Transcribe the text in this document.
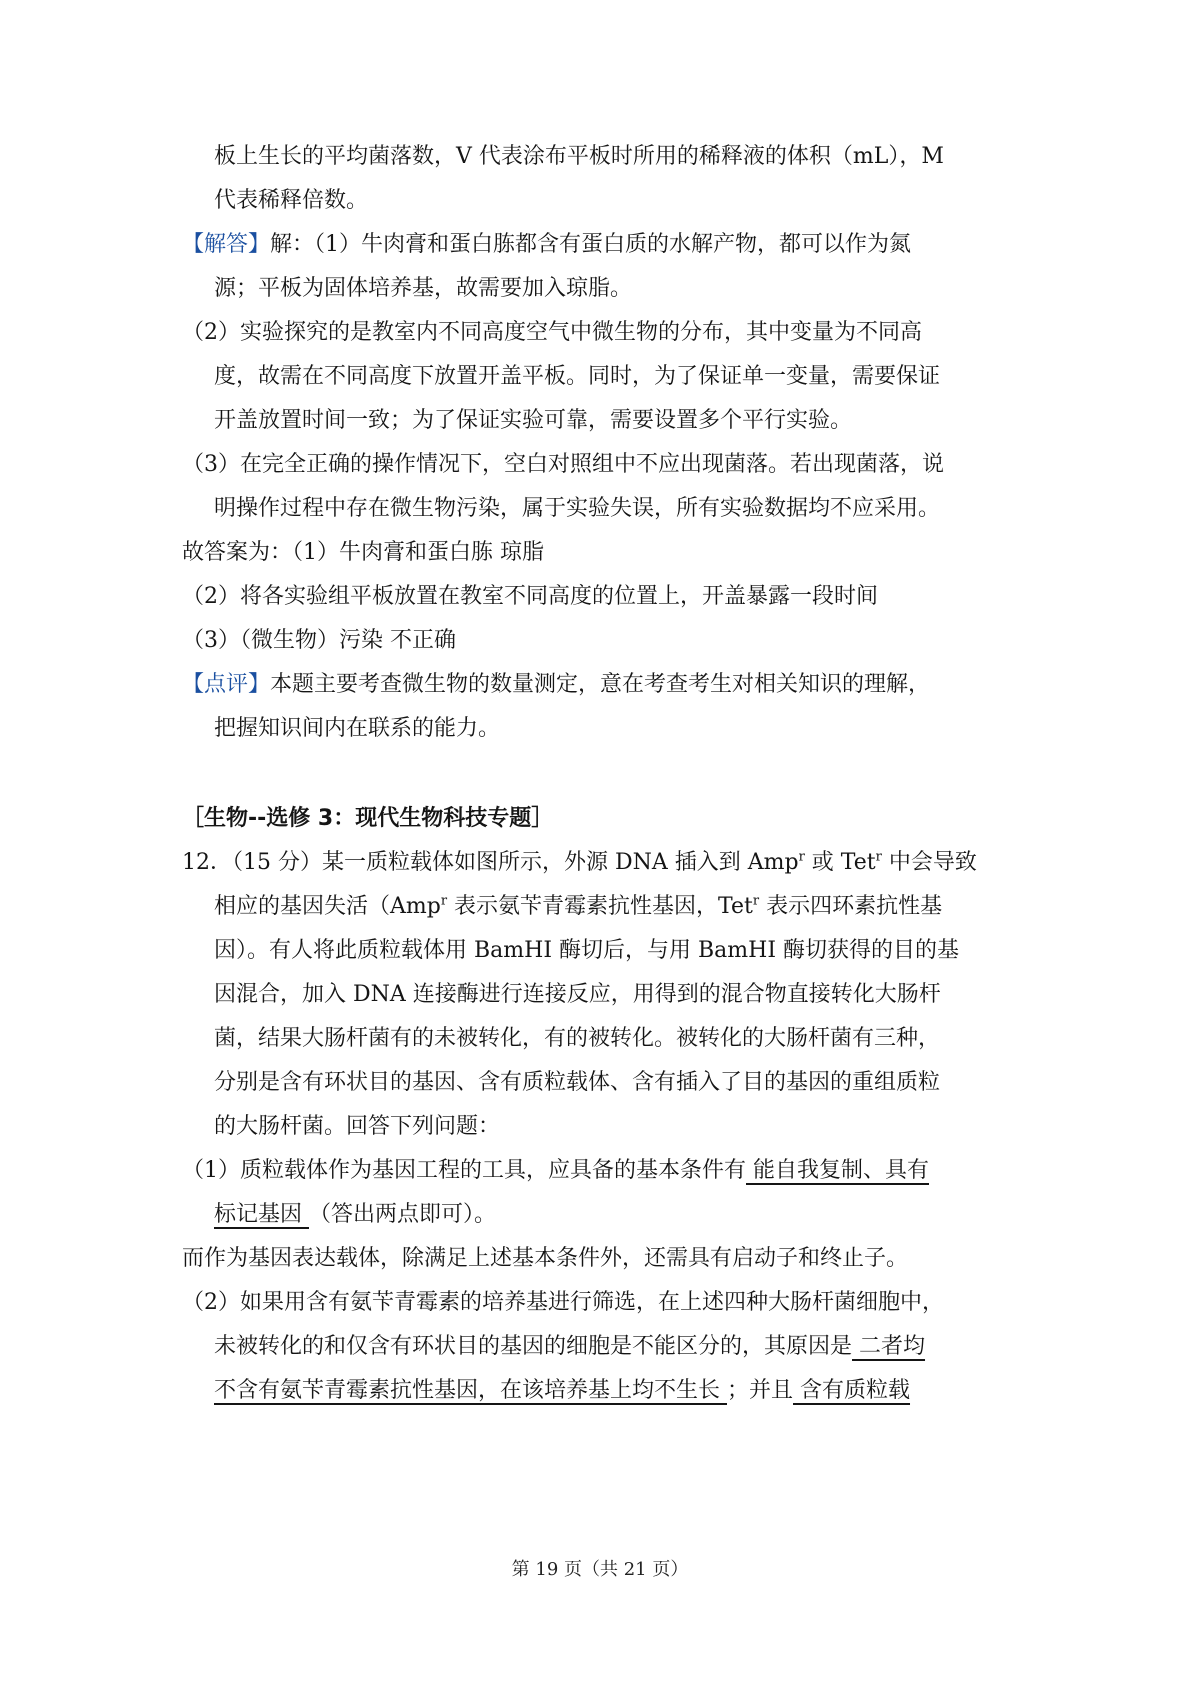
板上生长的平均菌落数，V 代表涂布平板时所用的稀释液的体积（mL），M
代表稀释倍数。
【解答】解：（1）牛肉膏和蛋白胨都含有蛋白质的水解产物，都可以作为氮
源；平板为固体培养基，故需要加入琼脂。
（2）实验探究的是教室内不同高度空气中微生物的分布，其中变量为不同高
度，故需在不同高度下放置开盖平板。同时，为了保证单一变量，需要保证
开盖放置时间一致；为了保证实验可靠，需要设置多个平行实验。
（3）在完全正确的操作情况下，空白对照组中不应出现菌落。若出现菌落，说
明操作过程中存在微生物污染，属于实验失误，所有实验数据均不应采用。
故答案为：（1）牛肉膏和蛋白胨 琼脂
（2）将各实验组平板放置在教室不同高度的位置上，开盖暴露一段时间
（3）（微生物）污染 不正确
【点评】本题主要考查微生物的数量测定，意在考查考生对相关知识的理解，
把握知识间内在联系的能力。
［生物--选修 3：现代生物科技专题］
12．（15 分）某一质粒载体如图所示，外源 DNA 插入到 Amp$^r$ 或 Tet$^r$ 中会导致
相应的基因失活（Amp$^r$ 表示氨苄青霉素抗性基因，Tet$^r$ 表示四环素抗性基
因）。有人将此质粒载体用 BamHI 酶切后，与用 BamHI 酶切获得的目的基
因混合，加入 DNA 连接酶进行连接反应，用得到的混合物直接转化大肠杆
菌，结果大肠杆菌有的未被转化，有的被转化。被转化的大肠杆菌有三种，
分别是含有环状目的基因、含有质粒载体、含有插入了目的基因的重组质粒
的大肠杆菌。回答下列问题：
（1）质粒载体作为基因工程的工具，应具备的基本条件有 能自我复制、具有
标记基因 （答出两点即可）。
而作为基因表达载体，除满足上述基本条件外，还需具有启动子和终止子。
（2）如果用含有氨苄青霉素的培养基进行筛选，在上述四种大肠杆菌细胞中，
未被转化的和仅含有环状目的基因的细胞是不能区分的，其原因是 二者均
不含有氨苄青霉素抗性基因，在该培养基上均不生长 ；并且 含有质粒载
第 19 页（共 21 页）
